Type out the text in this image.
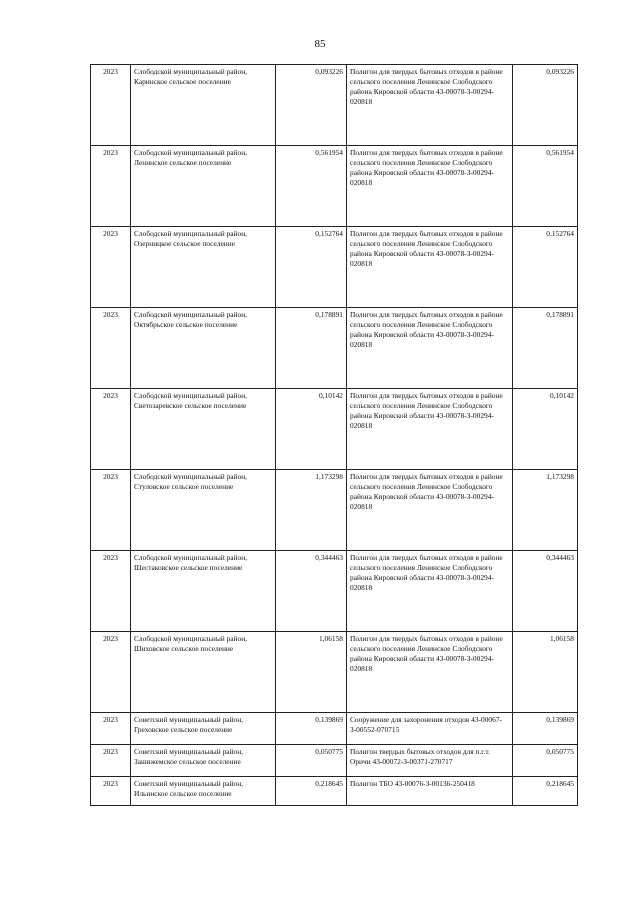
85
2023	Слободской муниципальный район, Каринское сельское поселение	0,093226	Полигон для твердых бытовых отходов в районе сельского поселения Ленинское Слободского района Кировской области 43-00078-З-00294-020818	0,093226
2023	Слободской муниципальный район, Ленинское сельское поселение	0,561954	Полигон для твердых бытовых отходов в районе сельского поселения Ленинское Слободского района Кировской области 43-00078-З-00294-020818	0,561954
2023	Слободской муниципальный район, Озерницкое сельское поселение	0,152764	Полигон для твердых бытовых отходов в районе сельского поселения Ленинское Слободского района Кировской области 43-00078-З-00294-020818	0,152764
2023	Слободской муниципальный район, Октябрьское сельское поселение	0,178891	Полигон для твердых бытовых отходов в районе сельского поселения Ленинское Слободского района Кировской области 43-00078-З-00294-020818	0,178891
2023	Слободской муниципальный район, Светозаревское сельское поселение	0,10142	Полигон для твердых бытовых отходов в районе сельского поселения Ленинское Слободского района Кировской области 43-00078-З-00294-020818	0,10142
2023	Слободской муниципальный район, Стуловское сельское поселение	1,173298	Полигон для твердых бытовых отходов в районе сельского поселения Ленинское Слободского района Кировской области 43-00078-З-00294-020818	1,173298
2023	Слободской муниципальный район, Шестаковское сельское поселение	0,344463	Полигон для твердых бытовых отходов в районе сельского поселения Ленинское Слободского района Кировской области 43-00078-З-00294-020818	0,344463
2023	Слободской муниципальный район, Шиховское сельское поселение	1,06158	Полигон для твердых бытовых отходов в районе сельского поселения Ленинское Слободского района Кировской области 43-00078-З-00294-020818	1,06158
2023	Советский муниципальный район, Греховское сельское поселение	0,139869	Сооружение для захоронения отходов 43-00067-З-00552-070715	0,139869
2023	Советский муниципальный район, Зашижемское сельское поселение	0,050775	Полигон твердых бытовых отходов для п.г.т. Оричи 43-00072-З-00371-270717	0,050775
2023	Советский муниципальный район, Ильинское сельское поселение	0,218645	Полигон ТБО 43-00076-З-00136-250418	0,218645
